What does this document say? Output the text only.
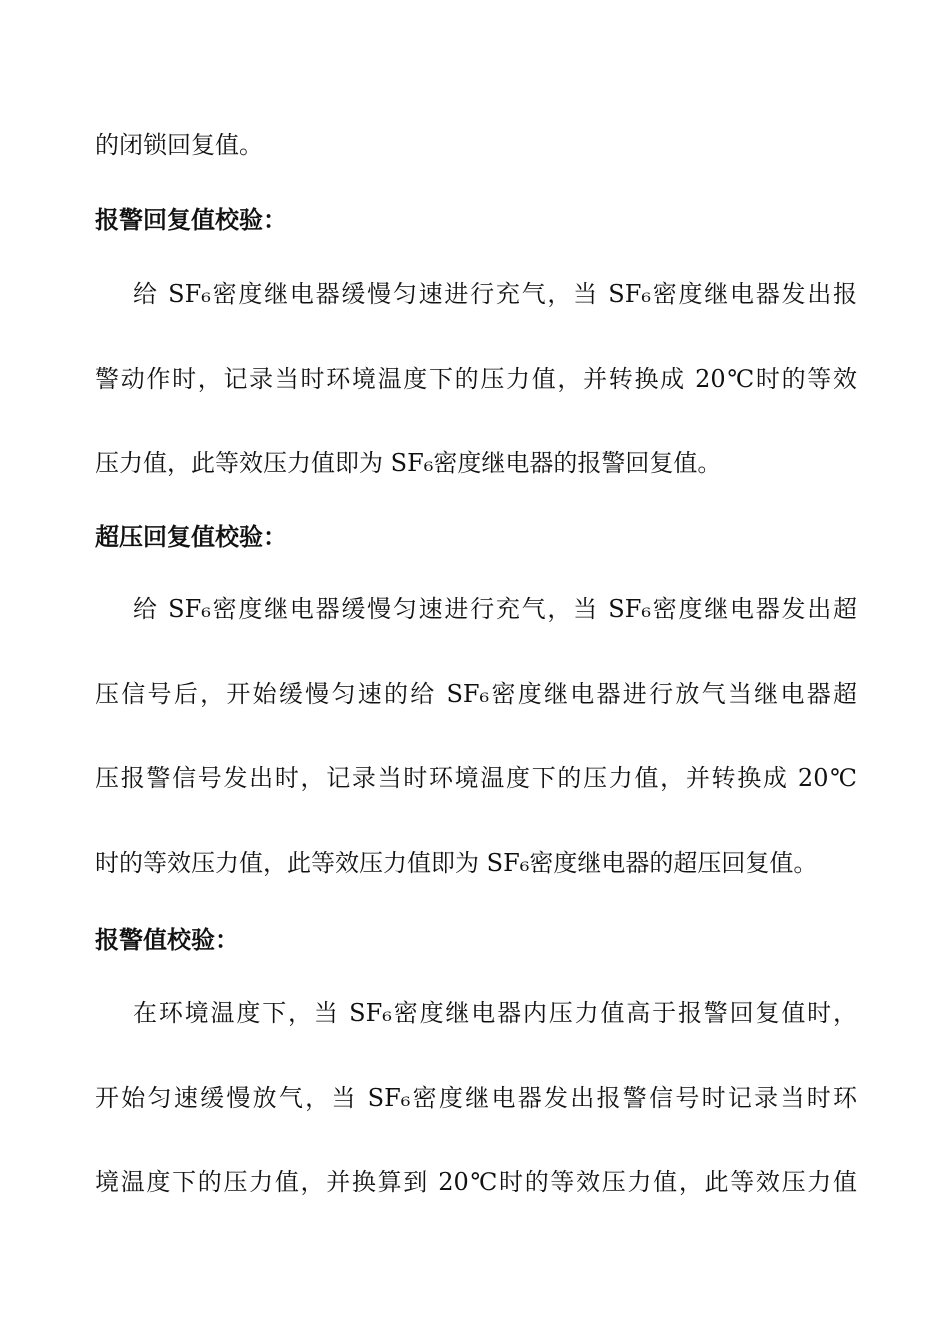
的闭锁回复值。
报警回复值校验：
给 SF₆密度继电器缓慢匀速进行充气，当 SF₆密度继电器发出报
警动作时，记录当时环境温度下的压力值，并转换成 20℃时的等效
压力值，此等效压力值即为 SF₆密度继电器的报警回复值。
超压回复值校验：
给 SF₆密度继电器缓慢匀速进行充气，当 SF₆密度继电器发出超
压信号后，开始缓慢匀速的给 SF₆密度继电器进行放气当继电器超
压报警信号发出时，记录当时环境温度下的压力值，并转换成 20℃
时的等效压力值，此等效压力值即为 SF₆密度继电器的超压回复值。
报警值校验：
在环境温度下，当 SF₆密度继电器内压力值高于报警回复值时，
开始匀速缓慢放气，当 SF₆密度继电器发出报警信号时记录当时环
境温度下的压力值，并换算到 20℃时的等效压力值，此等效压力值
